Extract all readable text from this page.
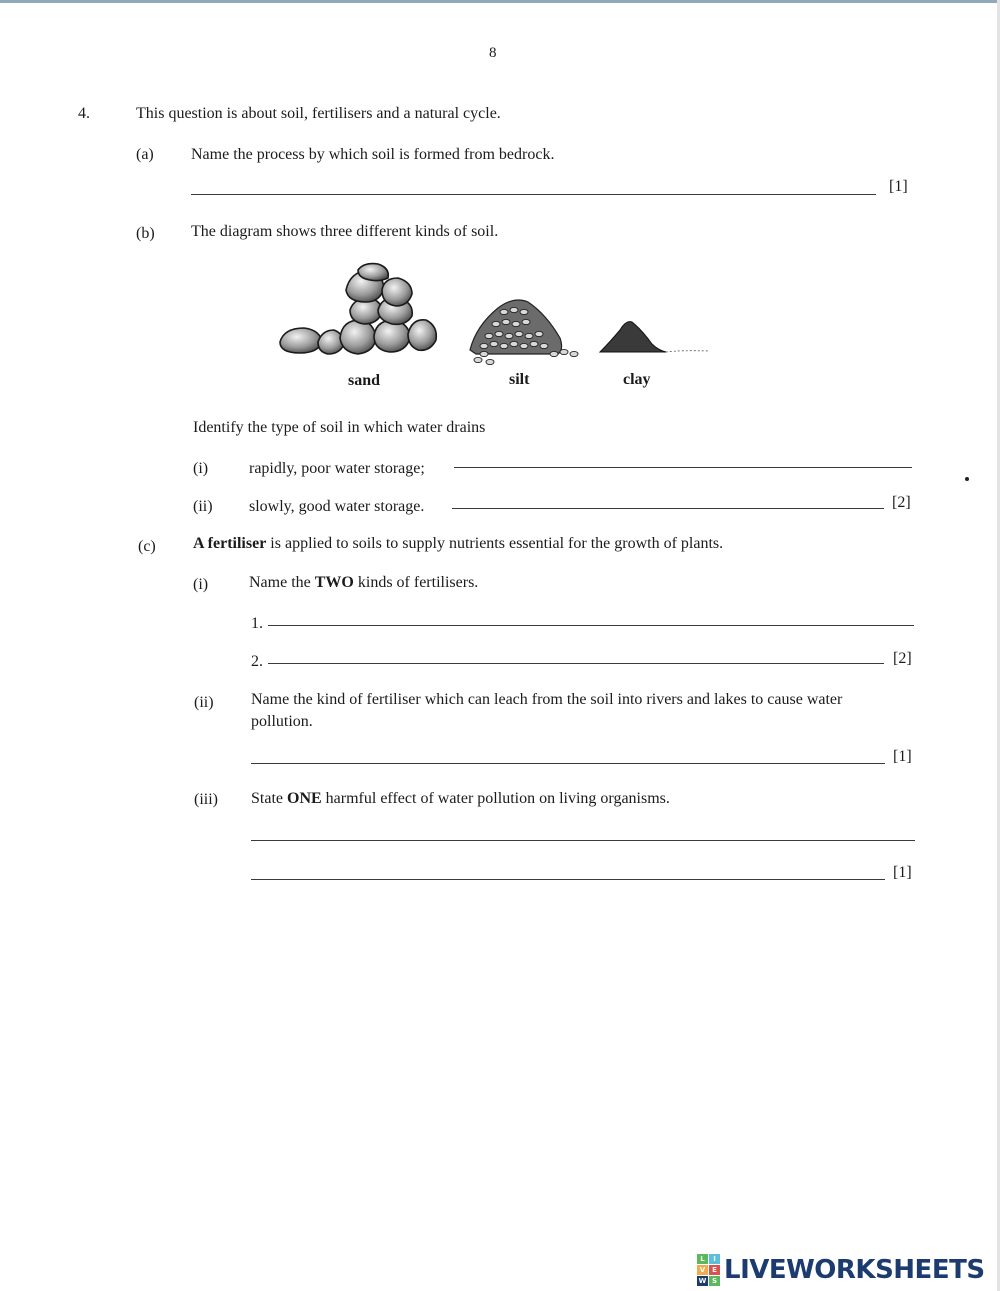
8
4.	This question is about soil, fertilisers and a natural cycle.
(a) Name the process by which soil is formed from bedrock.
[1]
(b) The diagram shows three different kinds of soil.
sand	silt	clay
Identify the type of soil in which water drains
(i)	rapidly, poor water storage;
(ii) slowly, good water storage.	[2]
(c) A fertiliser is applied to soils to supply nutrients essential for the growth of plants.
(i)	Name the TWO kinds of fertilisers.
1.
2.	[2]
(ii) Name the kind of fertiliser which can leach from the soil into rivers and lakes to cause water
pollution.
[1]
(iii) State ONE harmful effect of water pollution on living organisms.
[1]
L	I
V E
W S LIVEWORKSHEETS
